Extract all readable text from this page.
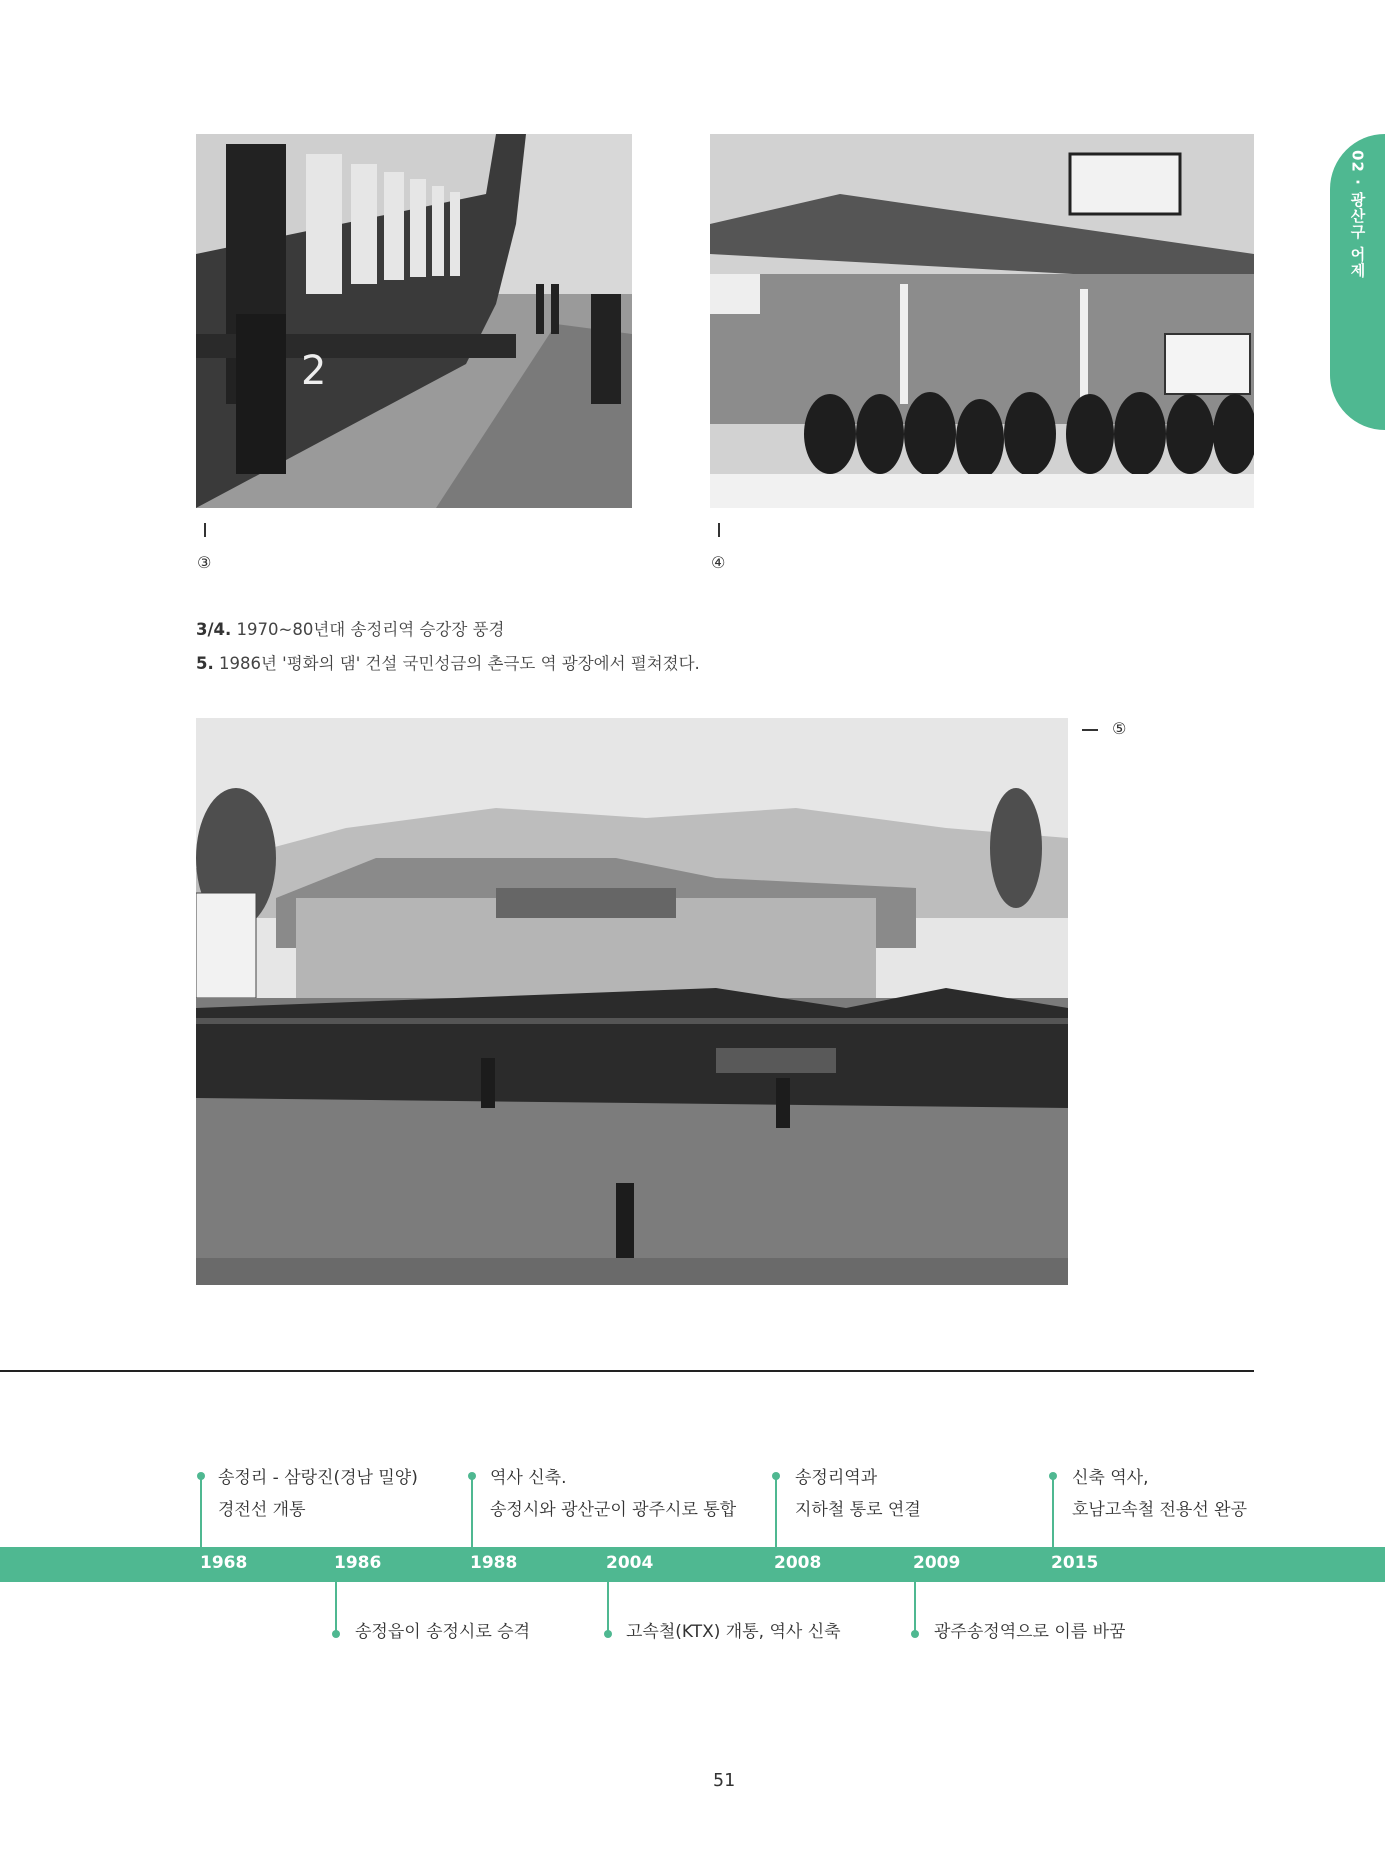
02 · 광산구 어제
2
③	④
3/4. 1970~80년대 송정리역 승강장 풍경
5. 1986년 '평화의 댐' 건설 국민성금의 촌극도 역 광장에서 펼쳐졌다.
⑤
송정리 - 삼랑진(경남 밀양)
경전선 개통
역사 신축.
송정시와 광산군이 광주시로 통합
송정리역과
지하철 통로 연결
신축 역사,
호남고속철 전용선 완공
1968	1986	1988	2004	2008	2009	2015
송정읍이 송정시로 승격	고속철(KTX) 개통, 역사 신축	광주송정역으로 이름 바꿈
51
